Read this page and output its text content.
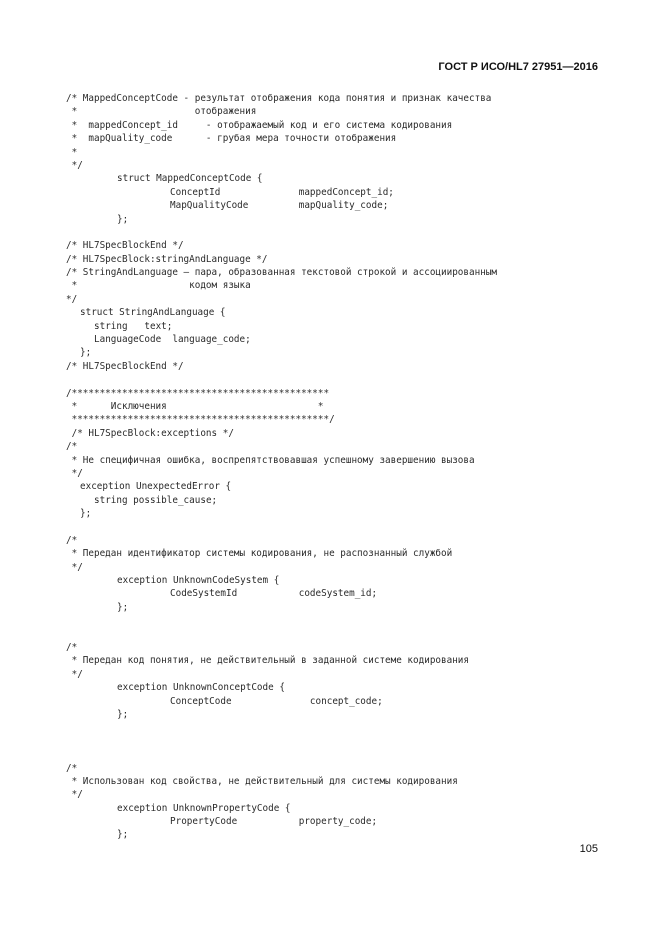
ГОСТ Р ИСО/HL7 27951—2016
/* MappedConceptCode - результат отображения кода понятия и признак качества
*                     отображения
*  mappedConcept_id     - отображаемый код и его система кодирования
*  mapQuality_code      - грубая мера точности отображения
*
*/
struct MappedConceptCode {
ConceptId              mappedConcept_id;
MapQualityCode         mapQuality_code;
};
/* HL7SpecBlockEnd */
/* HL7SpecBlock:stringAndLanguage */
/* StringAndLanguage — пара, образованная текстовой строкой и ассоциированным
*                    кодом языка
*/
struct StringAndLanguage {
string   text;
LanguageCode  language_code;
};
/* HL7SpecBlockEnd */
/**********************************************
*      Исключения                           *
**********************************************/
/* HL7SpecBlock:exceptions */
/*
* Не специфичная ошибка, воспрепятствовавшая успешному завершению вызова
*/
exception UnexpectedError {
string possible_cause;
};
/*
* Передан идентификатор системы кодирования, не распознанный службой
*/
exception UnknownCodeSystem {
CodeSystemId           codeSystem_id;
};
/*
* Передан код понятия, не действительный в заданной системе кодирования
*/
exception UnknownConceptCode {
ConceptCode              concept_code;
};
/*
* Использован код свойства, не действительный для системы кодирования
*/
exception UnknownPropertyCode {
PropertyCode           property_code;
};
105
